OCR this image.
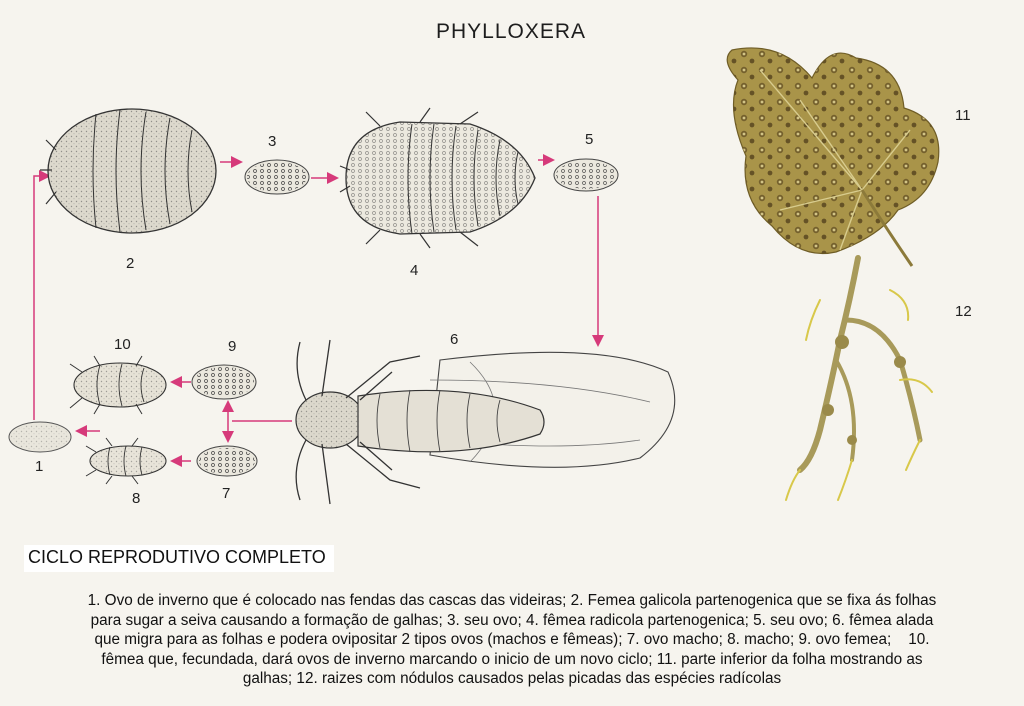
PHYLLOXERA
1
2
3
4
5
6
7
8
9
10
11
12
CICLO REPRODUTIVO COMPLETO
1. Ovo de inverno que é colocado nas fendas das cascas das videiras; 2. Femea galicola partenogenica que se fixa ás folhas
para sugar a seiva causando a formação de galhas; 3. seu ovo; 4. fêmea radicola partenogenica; 5. seu ovo; 6. fêmea alada
que migra para as folhas e podera ovipositar 2 tipos ovos (machos e fêmeas); 7. ovo macho; 8. macho; 9. ovo femea;    10.
fêmea que, fecundada, dará ovos de inverno marcando o inicio de um novo ciclo; 11. parte inferior da folha mostrando as
galhas; 12. raizes com nódulos causados pelas picadas das espécies radícolas
